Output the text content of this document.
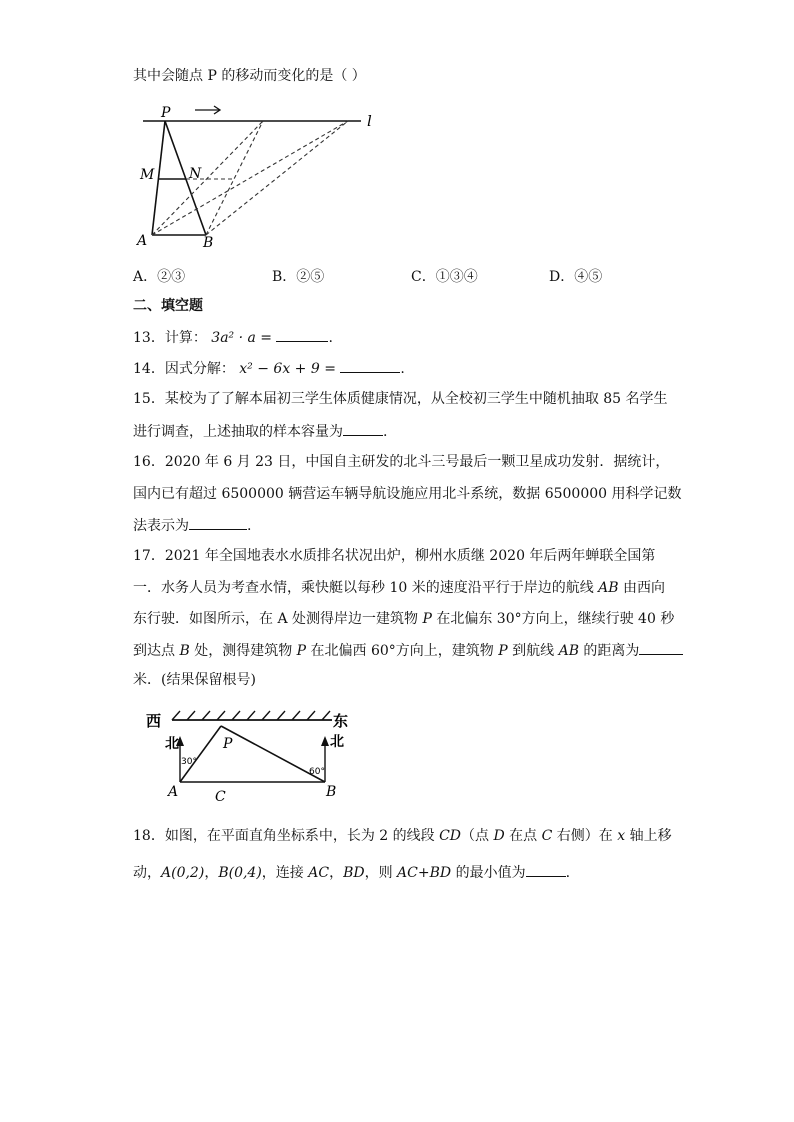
其中会随点 P 的移动而变化的是（ ）
P
M N
A	B
l
A．②③	B．②⑤	C．①③④	D．④⑤
二、填空题
13．计算： 3a² · a =	.
14．因式分解： x² − 6x + 9 =	.
15．某校为了了解本届初三学生体质健康情况，从全校初三学生中随机抽取 85 名学生
进行调查，上述抽取的样本容量为	.
16．2020 年 6 月 23 日，中国自主研发的北斗三号最后一颗卫星成功发射．据统计，
国内已有超过 6500000 辆营运车辆导航设施应用北斗系统，数据 6500000 用科学记数
法表示为	.
17．2021 年全国地表水水质排名状况出炉，柳州水质继 2020 年后两年蝉联全国第
一．水务人员为考查水情，乘快艇以每秒 10 米的速度沿平行于岸边的航线 AB 由西向
东行驶．如图所示，在 A 处测得岸边一建筑物 P 在北偏东 30°方向上，继续行驶 40 秒
到达点 B 处，测得建筑物 P 在北偏西 60°方向上，建筑物 P 到航线 AB 的距离为
米．(结果保留根号)
西	东
北	北
P
A	B
C
30°
60°
18．如图，在平面直角坐标系中，长为 2 的线段 CD（点 D 在点 C 右侧）在 x 轴上移
动，A(0,2)，B(0,4)，连接 AC，BD，则 AC+BD 的最小值为	.
